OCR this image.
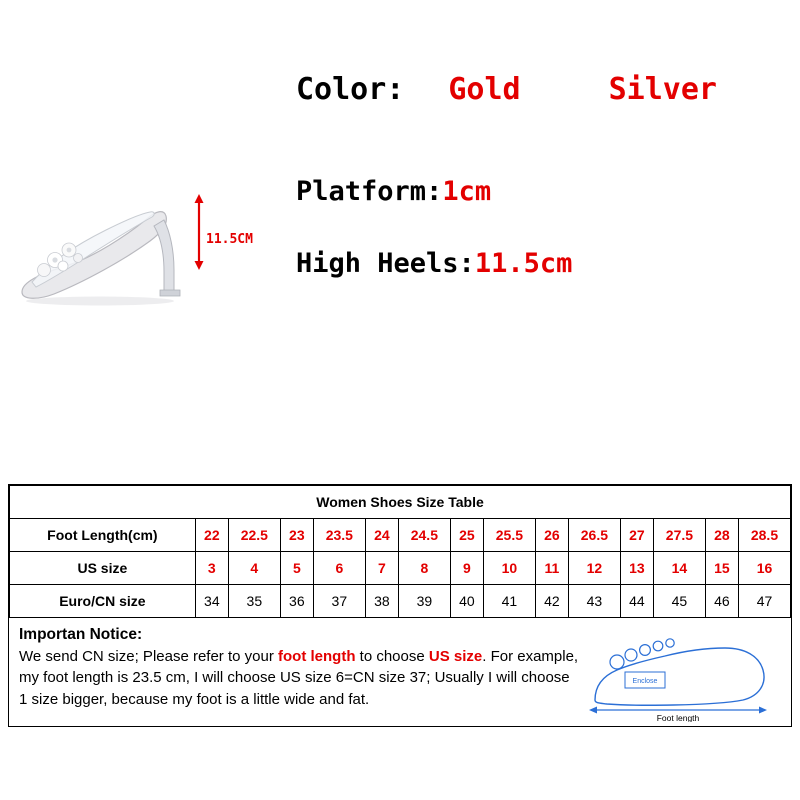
Color: Gold	Silver
Platform:1cm
High Heels:11.5cm
11.5CM
Women Shoes Size Table														
Foot Length(cm)	22	22.5	23	23.5	24	24.5	25	25.5	26	26.5	27	27.5	28	28.5
US size	3	4	5	6	7	8	9	10	11	12	13	14	15	16
Euro/CN size	34	35	36	37	38	39	40	41	42	43	44	45	46	47
Importan Notice:
We send CN size; Please refer to your foot length to choose US size. For example,
my foot length is 23.5 cm, I will choose US size 6=CN size 37; Usually I will choose
1 size bigger, because my foot is a little wide and fat.
Enclose
Foot length
